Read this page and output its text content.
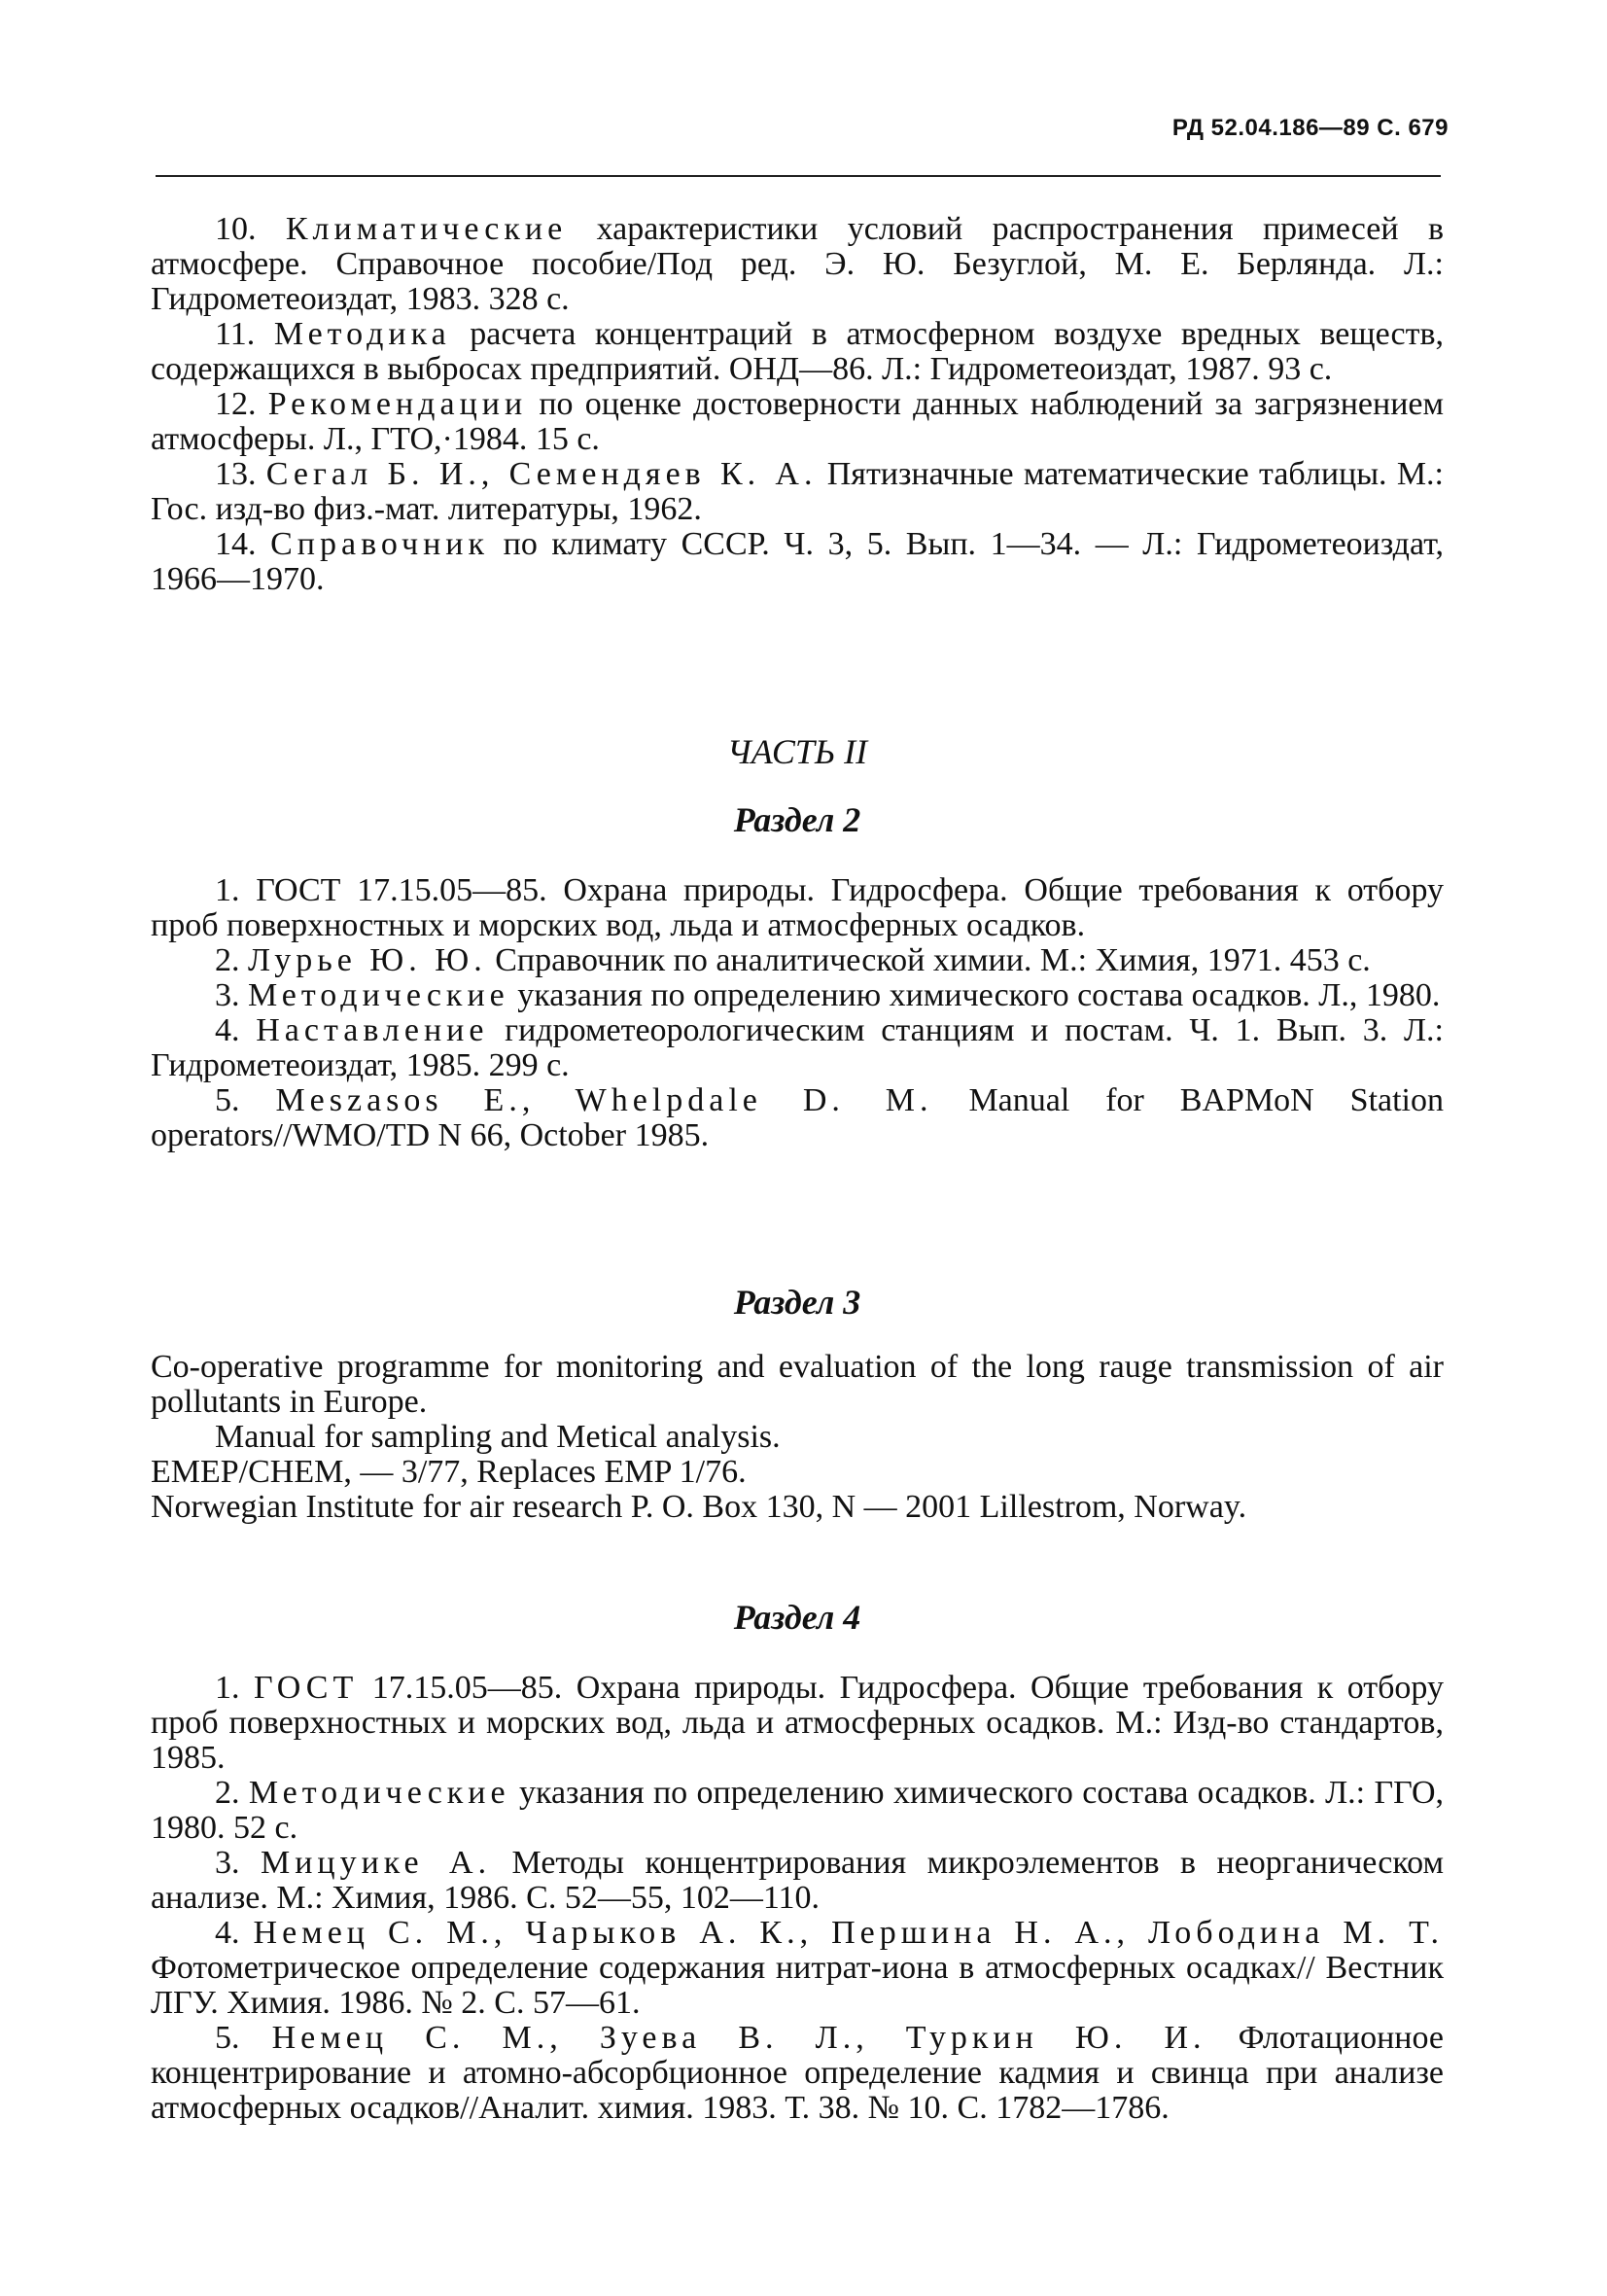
РД 52.04.186—89 С. 679

10. Климатические характеристики условий распространения примесей в атмосфере. Справочное пособие/Под ред. Э. Ю. Безуглой, М. Е. Берлянда. Л.: Гидрометеоиздат, 1983. 328 с.

11. Методика расчета концентраций в атмосферном воздухе вредных веществ, содержащихся в выбросах предприятий. ОНД—86. Л.: Гидрометеоиздат, 1987. 93 с.

12. Рекомендации по оценке достоверности данных наблюдений за загрязнением атмосферы. Л., ГТО,·1984. 15 с.

13. Сегал Б. И., Семендяев К. А. Пятизначные математические таблицы. М.: Гос. изд-во физ.-мат. литературы, 1962.

14. Справочник по климату СССР. Ч. 3, 5. Вып. 1—34. — Л.: Гидрометеоиздат, 1966—1970.

ЧАСТЬ II

Раздел 2

1. ГОСТ 17.15.05—85. Охрана природы. Гидросфера. Общие требования к отбору проб поверхностных и морских вод, льда и атмосферных осадков.

2. Лурье Ю. Ю. Справочник по аналитической химии. М.: Химия, 1971. 453 с.

3. Методические указания по определению химического состава осадков. Л., 1980.

4. Наставление гидрометеорологическим станциям и постам. Ч. 1. Вып. 3. Л.: Гидрометеоиздат, 1985. 299 с.

5. Meszasos E., Whelpdale D. M. Manual for BAPMoN Station operators//WMO/TD N 66, October 1985.

Раздел 3

Co-operative programme for monitoring and evaluation of the long rauge transmission of air pollutants in Europe.

Manual for sampling and Metical analysis.

EMEP/CHEM, — 3/77, Replaces EMP 1/76.

Norwegian Institute for air research P. O. Box 130, N — 2001 Lillestrom, Norway.

Раздел 4

1. ГОСТ 17.15.05—85. Охрана природы. Гидросфера. Общие требования к отбору проб поверхностных и морских вод, льда и атмосферных осадков. М.: Изд-во стандартов, 1985.

2. Методические указания по определению химического состава осадков. Л.: ГГО, 1980. 52 с.

3. Мицуике А. Методы концентрирования микроэлементов в неорганическом анализе. М.: Химия, 1986. С. 52—55, 102—110.

4. Немец С. М., Чарыков А. К., Першина Н. А., Лободина М. Т. Фотометрическое определение содержания нитрат-иона в атмосферных осадках// Вестник ЛГУ. Химия. 1986. № 2. С. 57—61.

5. Немец С. М., Зуева В. Л., Туркин Ю. И. Флотационное концентрирование и атомно-абсорбционное определение кадмия и свинца при анализе атмосферных осадков//Аналит. химия. 1983. Т. 38. № 10. С. 1782—1786.
